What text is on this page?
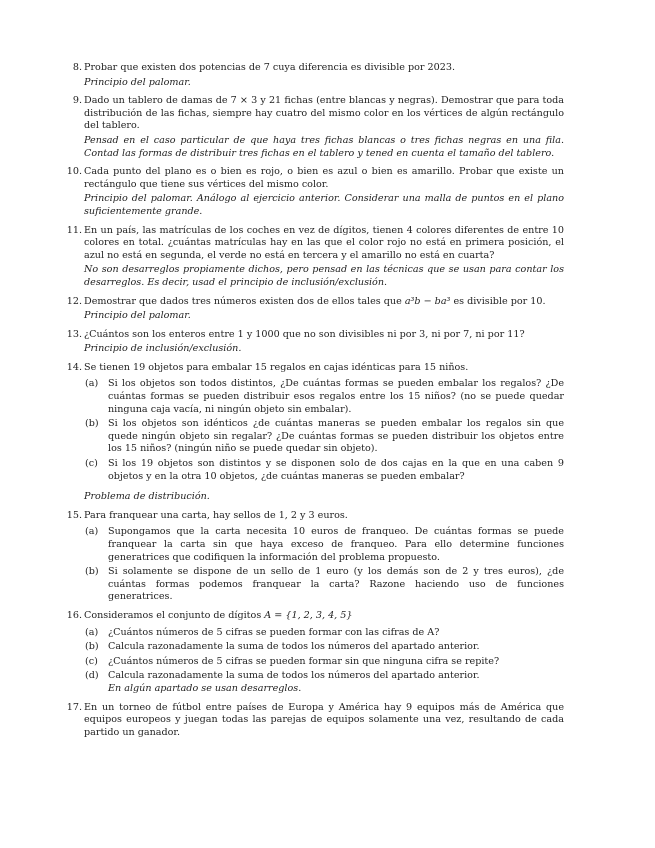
8 . Probar que existen dos potencias de 7 cuya diferencia es divisible por 2023.
Principio del palomar.
9 . Dado un tablero de damas de 7 × 3 y 21 fichas (entre blancas y negras). Demostrar que para toda distribución de las fichas, siempre hay cuatro del mismo color en los vértices de algún rectángulo del tablero.
Pensad en el caso particular de que haya tres fichas blancas o tres fichas negras en una fila. Contad las formas de distribuir tres fichas en el tablero y tened en cuenta el tamaño del tablero.
10 . Cada punto del plano es o bien es rojo, o bien es azul o bien es amarillo. Probar que existe un rectángulo que tiene sus vértices del mismo color.
Principio del palomar. Análogo al ejercicio anterior. Considerar una malla de puntos en el plano suficientemente grande.
11 . En un país, las matrículas de los coches en vez de dígitos, tienen 4 colores diferentes de entre 10 colores en total. ¿cuántas matrículas hay en las que el color rojo no está en primera posición, el azul no está en segunda, el verde no está en tercera y el amarillo no está en cuarta?
No son desarreglos propiamente dichos, pero pensad en las técnicas que se usan para contar los desarreglos. Es decir, usad el principio de inclusión/exclusión.
12 . Demostrar que dados tres números existen dos de ellos tales que a³b − ba³ es divisible por 10.
Principio del palomar.
13 . ¿Cuántos son los enteros entre 1 y 1000 que no son divisibles ni por 3, ni por 7, ni por 11?
Principio de inclusión/exclusión.
14 . Se tienen 19 objetos para embalar 15 regalos en cajas idénticas para 15 niños.
( a )	Si los objetos son todos distintos, ¿De cuántas formas se pueden embalar los regalos? ¿De cuántas formas se pueden distribuir esos regalos entre los 15 niños? (no se puede quedar ninguna caja vacía, ni ningún objeto sin embalar).
( b )	Si los objetos son idénticos ¿de cuántas maneras se pueden embalar los regalos sin que quede ningún objeto sin regalar? ¿De cuántas formas se pueden distribuir los objetos entre los 15 niños? (ningún niño se puede quedar sin objeto).
( c )	Si los 19 objetos son distintos y se disponen solo de dos cajas en la que en una caben 9 objetos y en la otra 10 objetos, ¿de cuántas maneras se pueden embalar?
Problema de distribución.
15 . Para franquear una carta, hay sellos de 1, 2 y 3 euros.
( a )	Supongamos que la carta necesita 10 euros de franqueo. De cuántas formas se puede franquear la carta sin que haya exceso de franqueo. Para ello determine funciones generatrices que codifiquen la información del problema propuesto.
( b )	Si solamente se dispone de un sello de 1 euro (y los demás son de 2 y tres euros), ¿de cuántas formas podemos franquear la carta? Razone haciendo uso de funciones generatrices.
16 . Consideramos el conjunto de dígitos A = {1, 2, 3, 4, 5}
( a )	¿Cuántos números de 5 cifras se pueden formar con las cifras de A?
( b )	Calcula razonadamente la suma de todos los números del apartado anterior.
( c )	¿Cuántos números de 5 cifras se pueden formar sin que ninguna cifra se repite?
( d )	Calcula razonadamente la suma de todos los números del apartado anterior.
En algún apartado se usan desarreglos.
17 . En un torneo de fútbol entre países de Europa y América hay 9 equipos más de América que equipos europeos y juegan todas las parejas de equipos solamente una vez, resultando de cada partido un ganador.
